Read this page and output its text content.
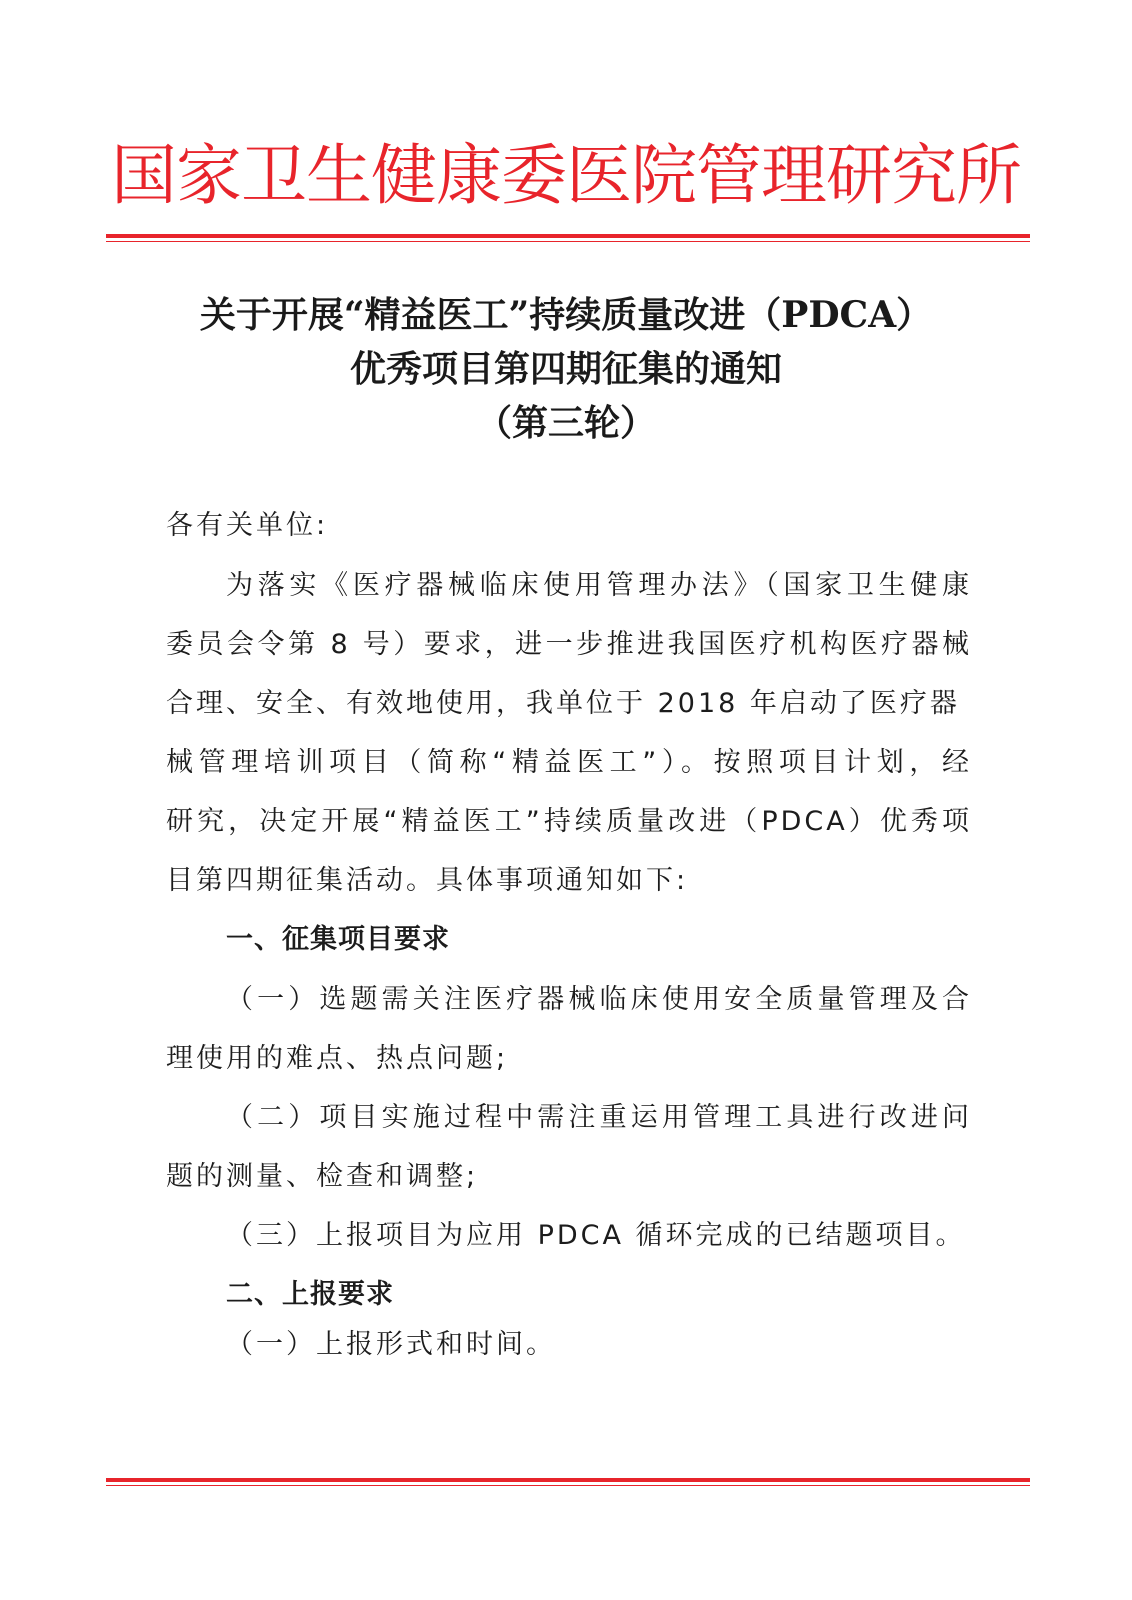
国家卫生健康委医院管理研究所
关于开展“精益医工”持续质量改进（PDCA）
优秀项目第四期征集的通知
（第三轮）
各有关单位:
为落实《医疗器械临床使用管理办法》（国家卫生健康
委员会令第 8 号）要求，进一步推进我国医疗机构医疗器械
合理、安全、有效地使用，我单位于 2018 年启动了医疗器
械管理培训项目（简称“精益医工”）。按照项目计划，经
研究，决定开展“精益医工”持续质量改进（PDCA）优秀项
目第四期征集活动。具体事项通知如下:
一、征集项目要求
（一）选题需关注医疗器械临床使用安全质量管理及合
理使用的难点、热点问题;
（二）项目实施过程中需注重运用管理工具进行改进问
题的测量、检查和调整;
（三）上报项目为应用 PDCA 循环完成的已结题项目。
二、上报要求
（一）上报形式和时间。
